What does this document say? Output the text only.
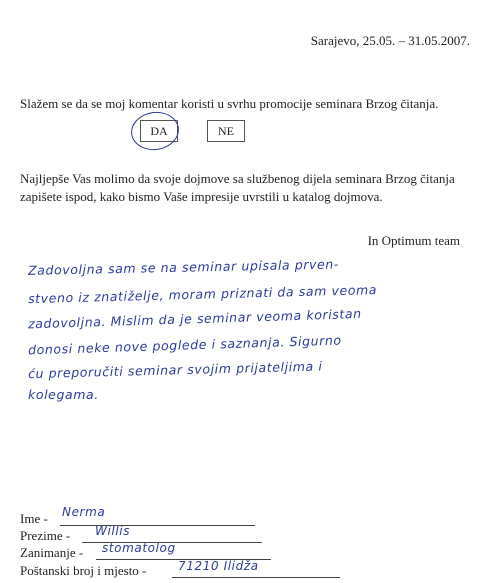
Sarajevo, 25.05. – 31.05.2007.
Slažem se da se moj komentar koristi u svrhu promocije seminara Brzog čitanja.
DA	NE
Najljepše Vas molimo da svoje dojmove sa službenog dijela seminara Brzog čitanja zapišete ispod, kako bismo Vaše impresije uvrstili u katalog dojmova.
In Optimum team
Zadovoljna sam se na seminar upisala prven-
stveno iz znatiželje, moram priznati da sam veoma
zadovoljna. Mislim da je seminar veoma koristan
donosi neke nove poglede i saznanja. Sigurno
ću preporučiti seminar svojim prijateljima i
kolegama.
Ime - Nerma
Prezime - Willis
Zanimanje - stomatolog
Poštanski broj i mjesto -	71210 Ilidža
